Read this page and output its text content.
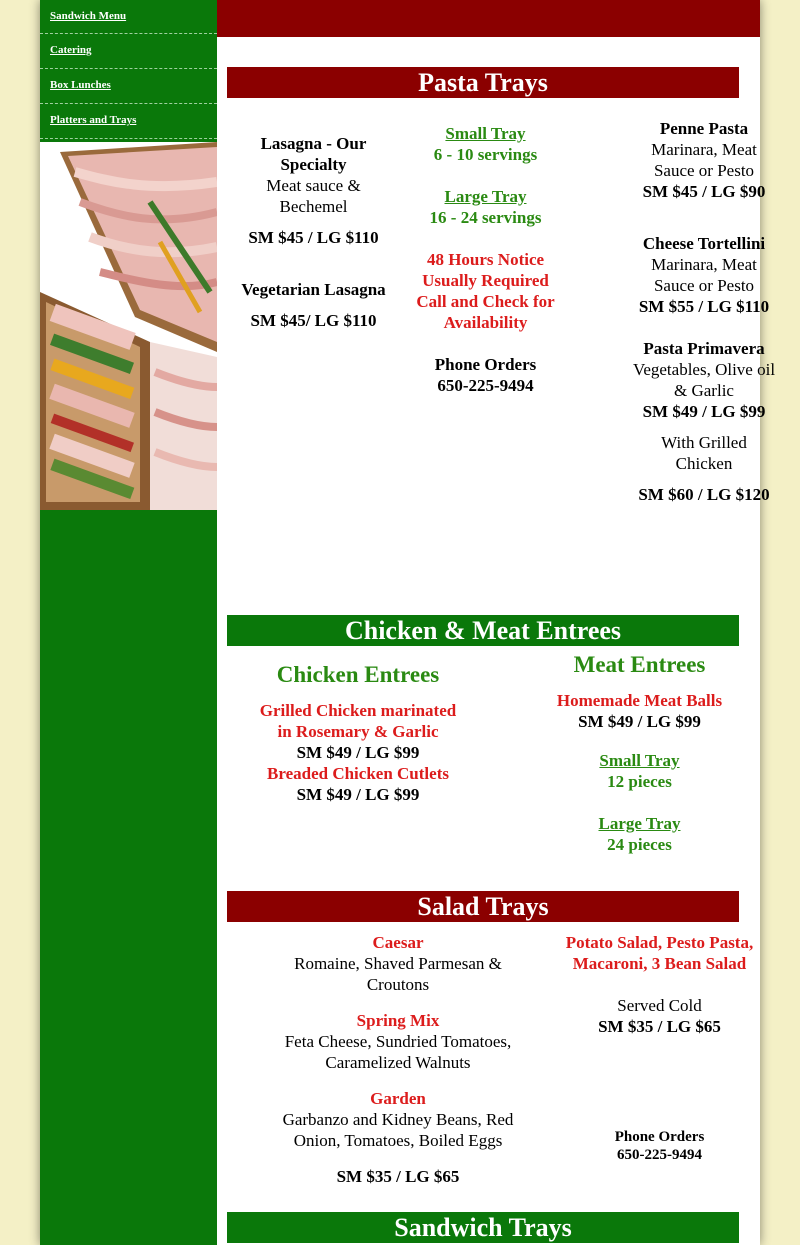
Sandwich Menu
Catering
Box Lunches
Platters and Trays
Pasta Trays
Lasagna - Our Specialty
Meat sauce & Bechemel
SM $45 / LG $110
Vegetarian Lasagna
SM $45/ LG $110
Small Tray
6 - 10 servings
Large Tray
16 - 24 servings
48 Hours Notice Usually Required Call and Check for Availability
Phone Orders
650-225-9494
Penne Pasta
Marinara, Meat Sauce or Pesto
SM $45 / LG $90
Cheese Tortellini
Marinara, Meat Sauce or Pesto
SM $55 / LG $110
Pasta Primavera
Vegetables, Olive oil & Garlic
SM $49 / LG $99
With Grilled Chicken
SM $60 / LG $120
Chicken & Meat Entrees
Chicken Entrees
Grilled Chicken marinated in Rosemary & Garlic
SM $49 / LG $99
Breaded Chicken Cutlets
SM $49 / LG $99
Meat Entrees
Homemade Meat Balls
SM $49 / LG $99
Small Tray
12 pieces
Large Tray
24 pieces
Salad Trays
Caesar
Romaine, Shaved Parmesan & Croutons
Spring Mix
Feta Cheese, Sundried Tomatoes, Caramelized Walnuts
Garden
Garbanzo and Kidney Beans, Red Onion, Tomatoes, Boiled Eggs
SM $35 / LG $65
Potato Salad, Pesto Pasta, Macaroni, 3 Bean Salad
Served Cold
SM $35 / LG $65
Phone Orders
650-225-9494
Sandwich Trays
